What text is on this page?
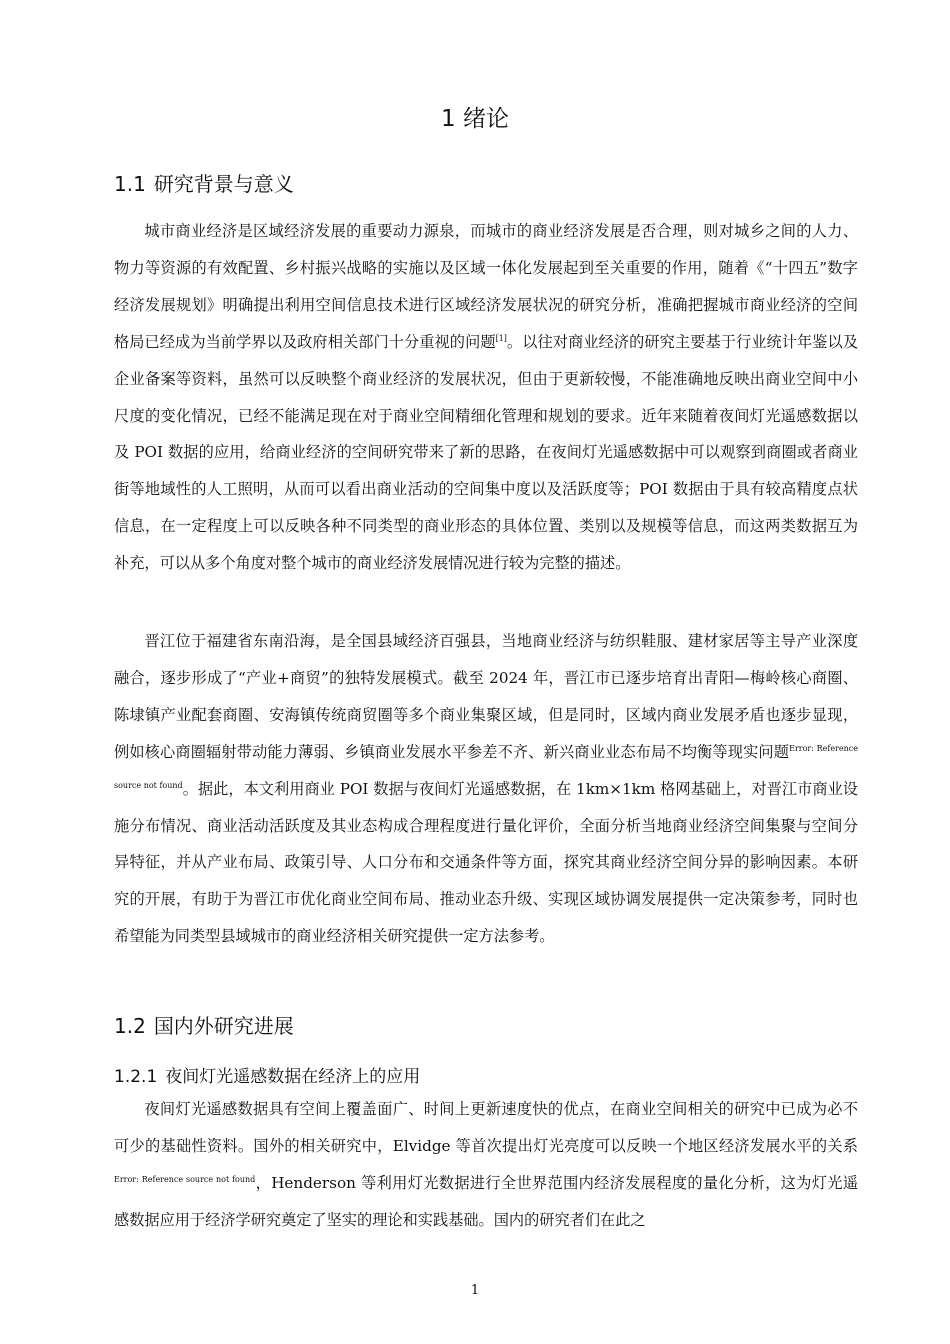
1 绪论
1.1 研究背景与意义

城市商业经济是区域经济发展的重要动力源泉，而城市的商业经济发展是否合理，则对城乡之间的人力、物力等资源的有效配置、乡村振兴战略的实施以及区域一体化发展起到至关重要的作用，随着《“十四五”数字经济发展规划》明确提出利用空间信息技术进行区域经济发展状况的研究分析，准确把握城市商业经济的空间格局已经成为当前学界以及政府相关部门十分重视的问题[1]。以往对商业经济的研究主要基于行业统计年鉴以及企业备案等资料，虽然可以反映整个商业经济的发展状况，但由于更新较慢，不能准确地反映出商业空间中小尺度的变化情况，已经不能满足现在对于商业空间精细化管理和规划的要求。近年来随着夜间灯光遥感数据以及 POI 数据的应用，给商业经济的空间研究带来了新的思路，在夜间灯光遥感数据中可以观察到商圈或者商业街等地域性的人工照明，从而可以看出商业活动的空间集中度以及活跃度等；POI 数据由于具有较高精度点状信息，在一定程度上可以反映各种不同类型的商业形态的具体位置、类别以及规模等信息，而这两类数据互为补充，可以从多个角度对整个城市的商业经济发展情况进行较为完整的描述。

晋江位于福建省东南沿海，是全国县域经济百强县，当地商业经济与纺织鞋服、建材家居等主导产业深度融合，逐步形成了“产业+商贸”的独特发展模式。截至 2024 年，晋江市已逐步培育出青阳—梅岭核心商圈、陈埭镇产业配套商圈、安海镇传统商贸圈等多个商业集聚区域，但是同时，区域内商业发展矛盾也逐步显现，例如核心商圈辐射带动能力薄弱、乡镇商业发展水平参差不齐、新兴商业业态布局不均衡等现实问题$^{Error: Reference source not found}$。据此，本文利用商业 POI 数据与夜间灯光遥感数据，在 1km×1km 格网基础上，对晋江市商业设施分布情况、商业活动活跃度及其业态构成合理程度进行量化评价，全面分析当地商业经济空间集聚与空间分异特征，并从产业布局、政策引导、人口分布和交通条件等方面，探究其商业经济空间分异的影响因素。本研究的开展，有助于为晋江市优化商业空间布局、推动业态升级、实现区域协调发展提供一定决策参考，同时也希望能为同类型县域城市的商业经济相关研究提供一定方法参考。

1.2 国内外研究进展
1.2.1 夜间灯光遥感数据在经济上的应用

夜间灯光遥感数据具有空间上覆盖面广、时间上更新速度快的优点，在商业空间相关的研究中已成为必不可少的基础性资料。国外的相关研究中，Elvidge 等首次提出灯光亮度可以反映一个地区经济发展水平的关系$^{Error: Reference source not found}$，Henderson 等利用灯光数据进行全世界范围内经济发展程度的量化分析，这为灯光遥感数据应用于经济学研究奠定了坚实的理论和实践基础。国内的研究者们在此之

1
